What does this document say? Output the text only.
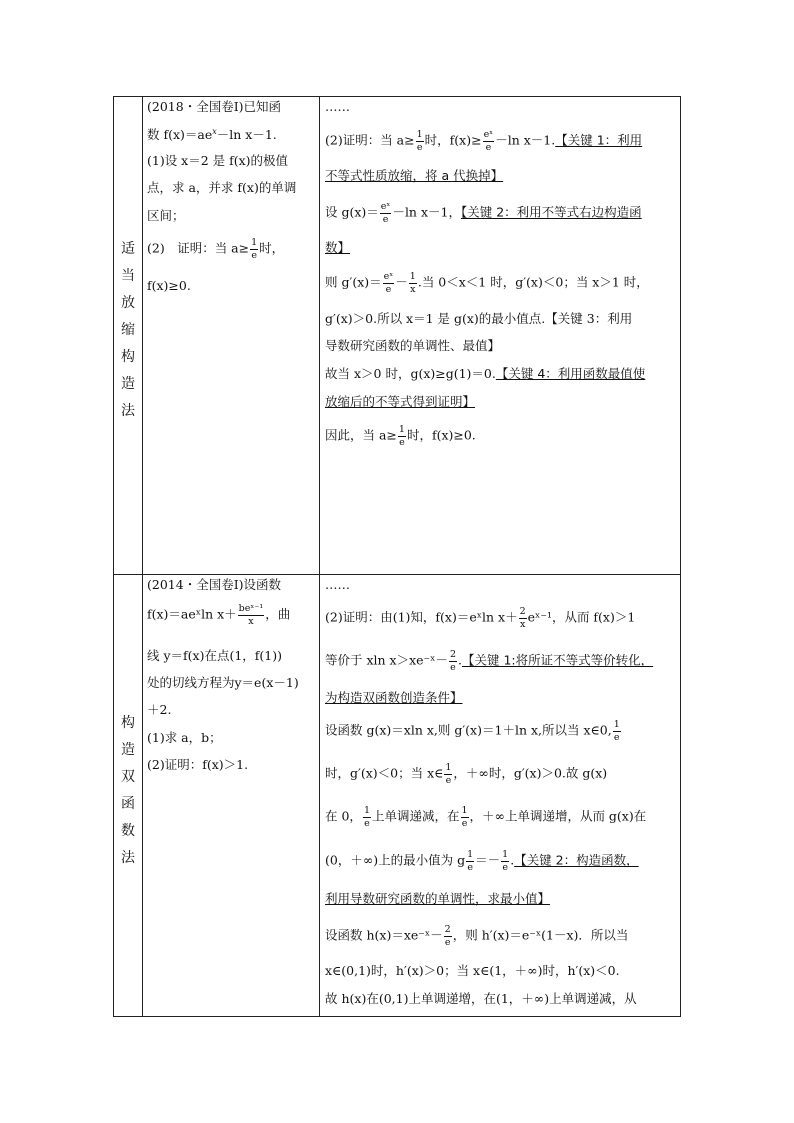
适
当
放
缩
构
造
法
(2018・全国卷Ⅰ)已知函
数 $f(x)=ae^x-\ln$ x－1.
(1)设 x＝2 是 f(x)的极值
点，求 a，并求 f(x)的单调
区间；
(2)　证明：当 $a\ge \frac{1}{e}$ 时，
f(x)≥0.
……
(2)证明：当 $a\ge \frac{1}{e}$ 时，$f(x)\ge \frac{\text{eˣ}}{e} -\ln$ x－1.【关键 1：利用
不等式性质放缩，将 a 代换掉】
设 $g(x)= \frac{\text{eˣ}}{e} -\ln$ x－1，【关键 2：利用不等式右边构造函
数】
则 $g'(x)= \frac{\text{eˣ}}{e} - \frac{1}{x}$ .当 0＜x＜1 时，g′(x)＜0；当 x＞1 时，
g′(x)＞0.所以 x＝1 是 g(x)的最小值点.【关键 3：利用
导数研究函数的单调性、最值】
故当 x＞0 时，g(x)≥g(1)＝0.【关键 4：利用函数最值使
放缩后的不等式得到证明】
因此，当 $a\ge \frac{1}{e}$ 时，f(x)≥0.
构
造
双
函
数
法
(2014・全国卷Ⅰ)设函数
f(x)＝aeˣln x＋ beˣ⁻¹
x ，曲
线 y＝f(x)在点(1，f(1))
处的切线方程为y＝e(x－1)
＋2.
(1)求 a，b；
(2)证明：f(x)＞1.
……
(2)证明：由(1)知，f(x)＝eˣln $x+ \frac{2}{x}$ eˣ⁻¹，从而 f(x)＞1
等价于 xln x＞xe⁻ˣ－ $\frac{2}{e}$ .【关键 1:将所证不等式等价转化，
为构造双函数创造条件】
设函数 g(x)＝xln x,则 g′(x)＝1＋ln x,所以当 x∈0, $\frac{1}{e}$
时，g′(x)＜0；当 x∈ $\frac{1}{e}$ ，＋∞时，g′(x)＞0.故 g(x)
在 0， $\frac{1}{e}$ 上单调递减，在 $\frac{1}{e}$ ，＋∞上单调递增，从而 g(x)在
(0，＋∞)上的最小值为 g $\frac{1}{e} =- \frac{1}{e}$ .【关键 2：构造函数，
利用导数研究函数的单调性，求最小值】
设函数 h(x)＝xe⁻ˣ－ $\frac{2}{e}$ ，则 h′(x)＝e⁻ˣ(1－x)．所以当
x∈(0,1)时，h′(x)＞0；当 x∈(1，＋∞)时，h′(x)＜0.
故 h(x)在(0,1)上单调递增，在(1，＋∞)上单调递减，从
